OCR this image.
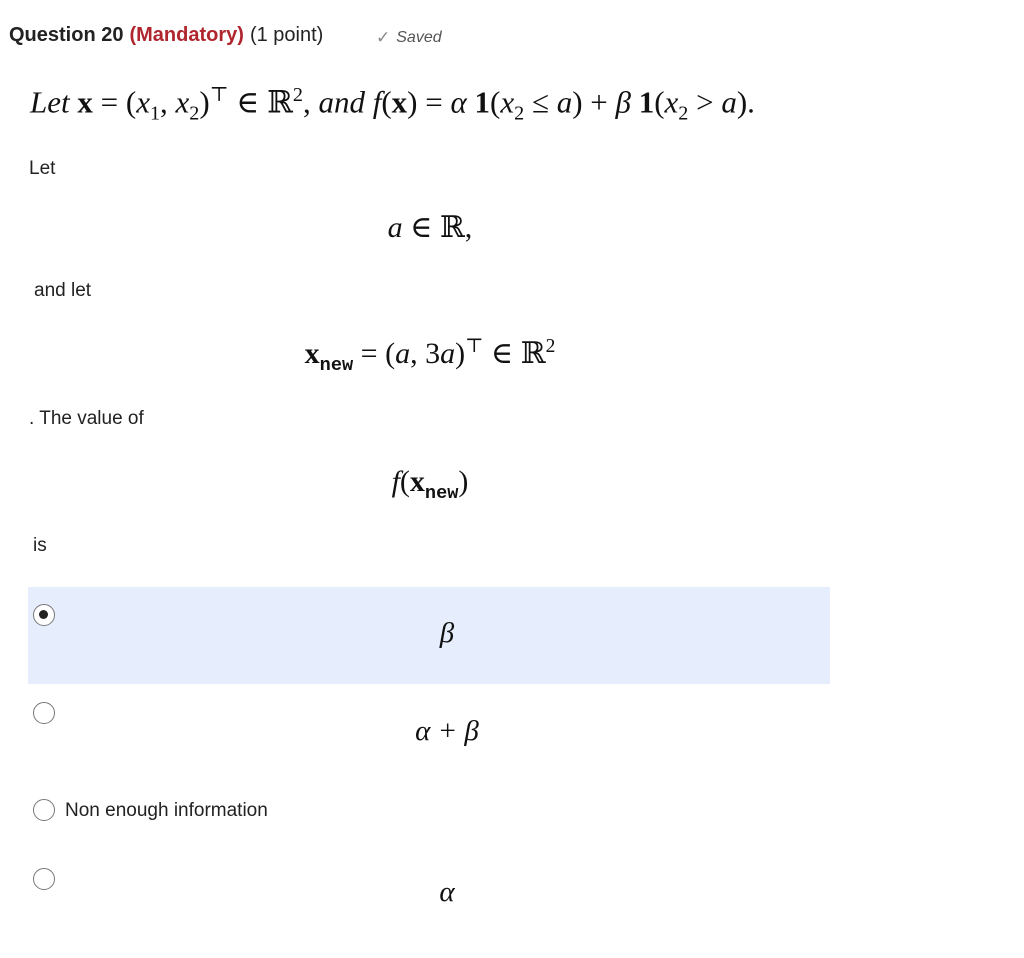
Question 20 (Mandatory) (1 point)	✓ Saved
Let $x = (x_1$, $x_2)^⊤$ ∈ ℝ$^2$, and f(x) = α $1(x_2 \le a) + \beta$ $1(x_2 > a)$.
Let
a ∈ ℝ,
and let
$x_{new} = (a$, 3a)⊤ ∈ ℝ$^2$
. The value of
$f(x_{new})$
is
β
α + β
Non enough information
α
